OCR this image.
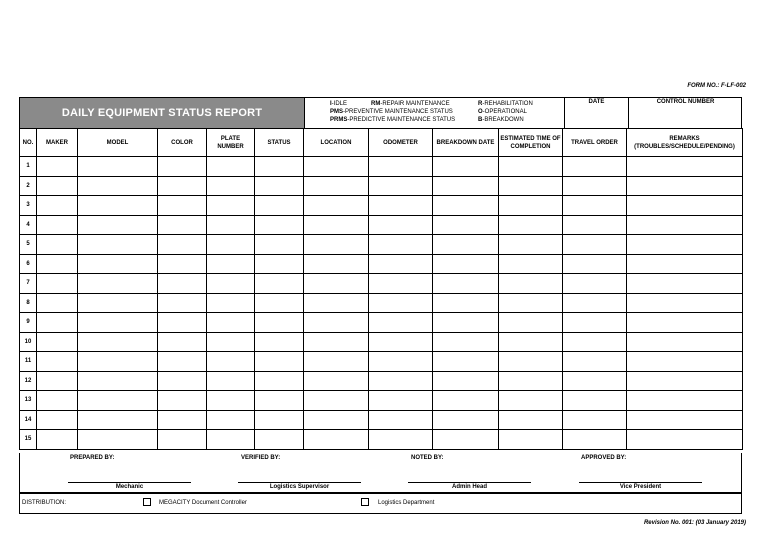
FORM NO.: F-LF-002
DAILY EQUIPMENT STATUS REPORT
I-IDLE
PMS-PREVENTIVE MAINTENANCE STATUS
PRMS-PREDICTIVE MAINTENANCE STATUS
RM-REPAIR MAINTENANCE	R-REHABILITATION
O-OPERATIONAL
B-BREAKDOWN
DATE	CONTROL NUMBER
NO.	MAKER	MODEL	COLOR	PLATE NUMBER	STATUS	LOCATION	ODOMETER	BREAKDOWN DATE	ESTIMATED TIME OF COMPLETION	TRAVEL ORDER	REMARKS (TROUBLES/SCHEDULE/PENDING)
1											
2											
3											
4											
5											
6											
7											
8											
9											
10											
11											
12											
13											
14											
15											
PREPARED BY:	VERIFIED BY:	NOTED BY:	APPROVED BY:
Mechanic	Logistics Supervisor	Admin Head	Vice President
DISTRIBUTION:	MEGACITY Document Controller	Logistics Department
Revision No. 001: (03 January 2019)
